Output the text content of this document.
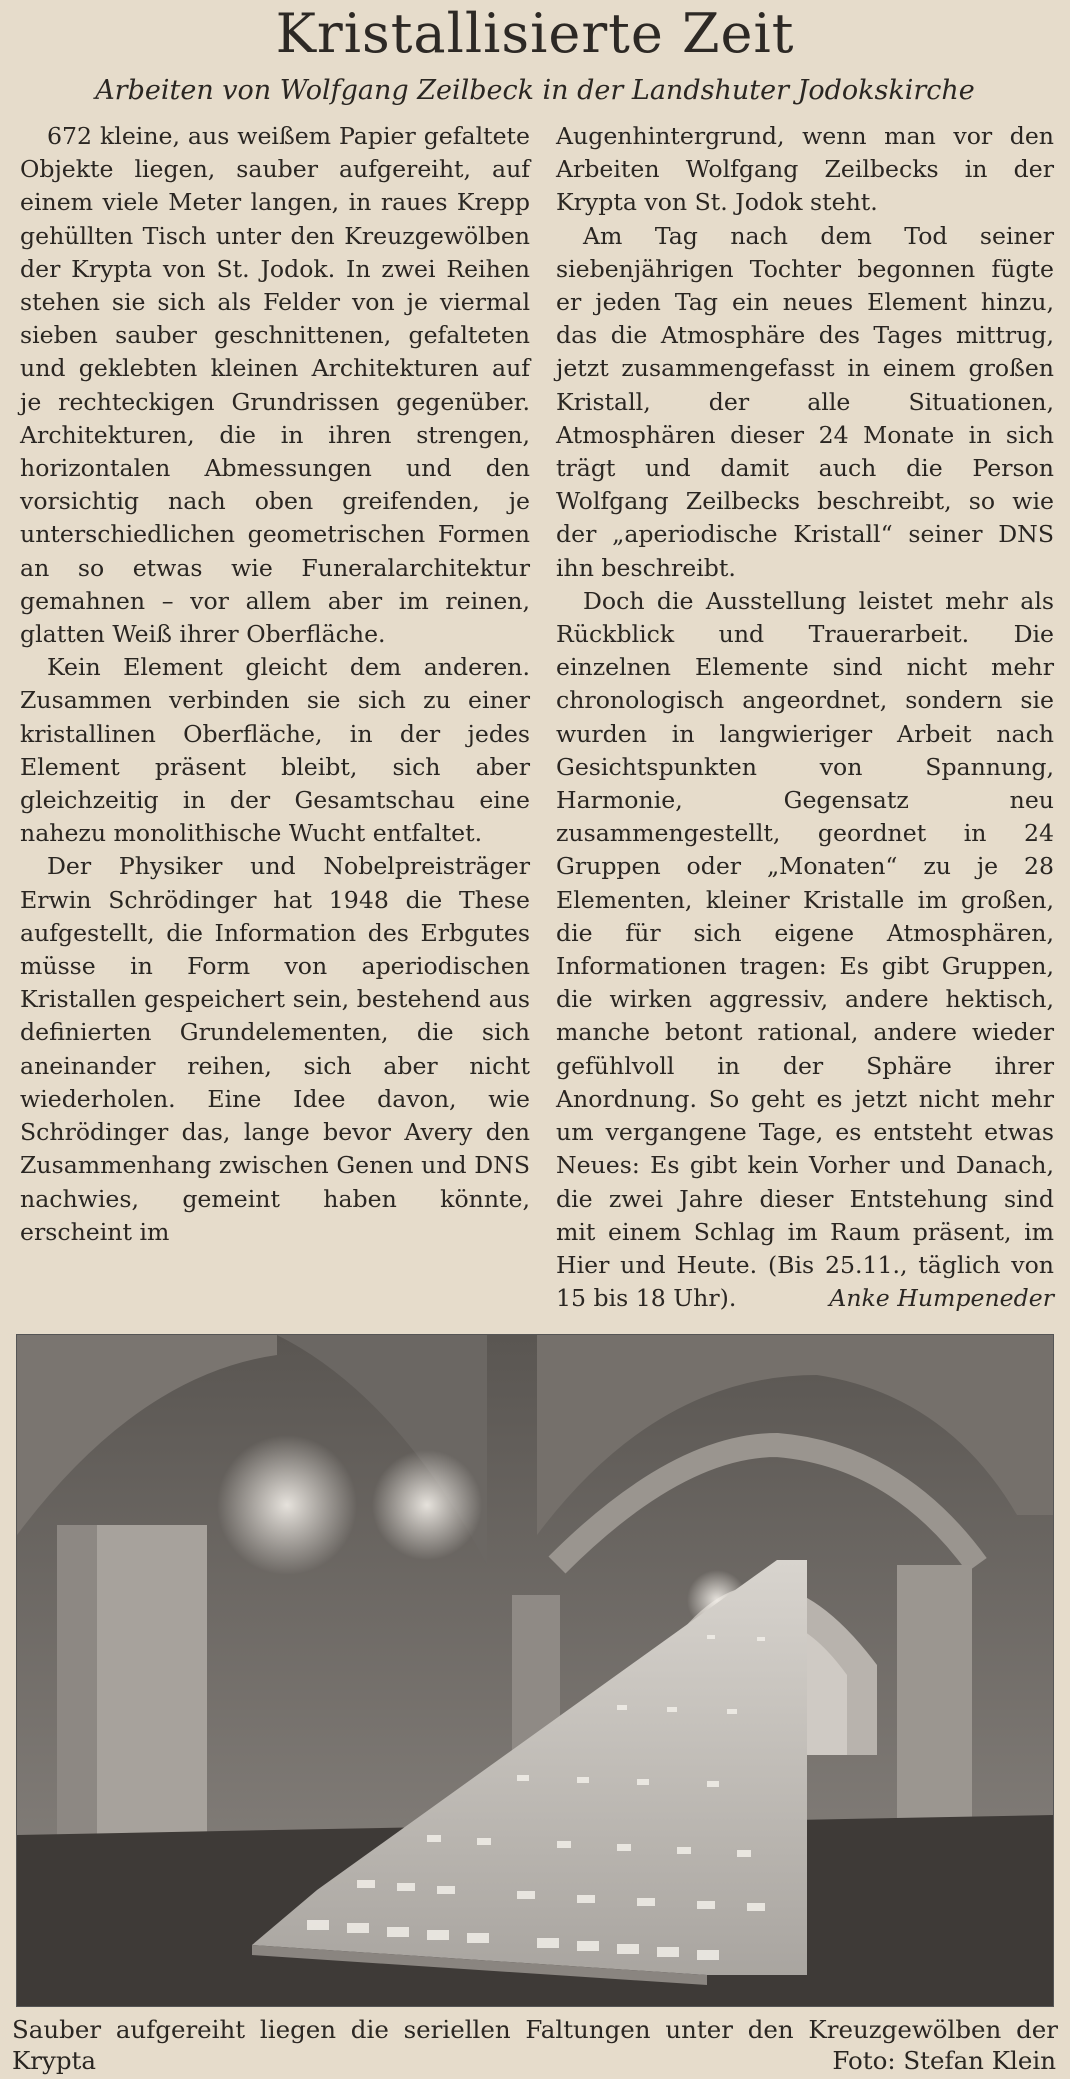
Kristallisierte Zeit
Arbeiten von Wolfgang Zeilbeck in der Landshuter Jodokskirche

672 kleine, aus weißem Papier gefaltete Objekte liegen, sauber aufgereiht, auf einem viele Meter langen, in raues Krepp gehüllten Tisch unter den Kreuzgewölben der Krypta von St. Jodok. In zwei Reihen stehen sie sich als Felder von je viermal sieben sauber geschnittenen, gefalteten und geklebten kleinen Architekturen auf je rechteckigen Grundrissen gegenüber. Architekturen, die in ihren strengen, horizontalen Abmessungen und den vorsichtig nach oben greifenden, je unterschiedlichen geometrischen Formen an so etwas wie Funeralarchitektur gemahnen – vor allem aber im reinen, glatten Weiß ihrer Oberfläche.

Kein Element gleicht dem anderen. Zusammen verbinden sie sich zu einer kristallinen Oberfläche, in der jedes Element präsent bleibt, sich aber gleichzeitig in der Gesamtschau eine nahezu monolithische Wucht entfaltet.

Der Physiker und Nobelpreisträger Erwin Schrödinger hat 1948 die These aufgestellt, die Information des Erbgutes müsse in Form von aperiodischen Kristallen gespeichert sein, bestehend aus definierten Grundelementen, die sich aneinander reihen, sich aber nicht wiederholen. Eine Idee davon, wie Schrödinger das, lange bevor Avery den Zusammenhang zwischen Genen und DNS nachwies, gemeint haben könnte, erscheint im

Augenhintergrund, wenn man vor den Arbeiten Wolfgang Zeilbecks in der Krypta von St. Jodok steht.

Am Tag nach dem Tod seiner siebenjährigen Tochter begonnen fügte er jeden Tag ein neues Element hinzu, das die Atmosphäre des Tages mittrug, jetzt zusammengefasst in einem großen Kristall, der alle Situationen, Atmosphären dieser 24 Monate in sich trägt und damit auch die Person Wolfgang Zeilbecks beschreibt, so wie der „aperiodische Kristall“ seiner DNS ihn beschreibt.

Doch die Ausstellung leistet mehr als Rückblick und Trauerarbeit. Die einzelnen Elemente sind nicht mehr chronologisch angeordnet, sondern sie wurden in langwieriger Arbeit nach Gesichtspunkten von Spannung, Harmonie, Gegensatz neu zusammengestellt, geordnet in 24 Gruppen oder „Monaten“ zu je 28 Elementen, kleiner Kristalle im großen, die für sich eigene Atmosphären, Informationen tragen: Es gibt Gruppen, die wirken aggressiv, andere hektisch, manche betont rational, andere wieder gefühlvoll in der Sphäre ihrer Anordnung. So geht es jetzt nicht mehr um vergangene Tage, es entsteht etwas Neues: Es gibt kein Vorher und Danach, die zwei Jahre dieser Entstehung sind mit einem Schlag im Raum präsent, im Hier und Heute. (Bis 25.11., täglich von 15 bis 18 Uhr).	Anke Humpeneder

Sauber aufgereiht liegen die seriellen Faltungen unter den Kreuzgewölben der Krypta	Foto: Stefan Klein
